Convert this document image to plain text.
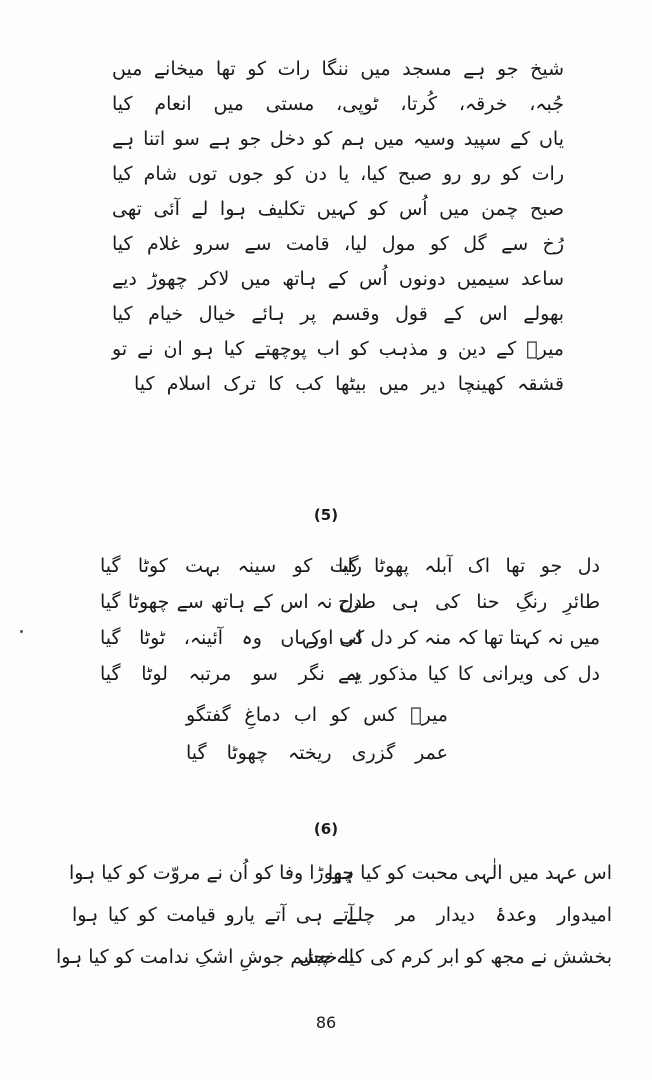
شیخ جو ہے مسجد میں ننگا رات کو تھا میخانے میں
جُبہ، خرقہ، کُرتا، ٹوپی، مستی میں انعام کیا
یاں کے سپید وسیہ میں ہم کو دخل جو ہے سو اتنا ہے
رات کو رو رو صبح کیا، یا دن کو جوں توں شام کیا
صبح چمن میں اُس کو کہیں تکلیف ہوا لے آئی تھی
رُخ سے گل کو مول لیا، قامت سے سرو غلام کیا
ساعد سیمیں دونوں اُس کے ہاتھ میں لاکر چھوڑ دیے
بھولے اس کے قول وقسم پر ہائے خیال خیام کیا
میرؔ کے دین و مذہب کو اب پوچھتے کیا ہو ان نے تو
قشقہ کھینچا دیر میں بیٹھا کب کا ترک اسلام کیا
(5)
دل جو تھا اک آبلہ پھوٹا گیا
رات کو سینہ بہت کوٹا گیا
طائرِ رنگِ حنا کی ہی طرح
دل نہ اس کے ہاتھ سے چھوٹا گیا
میں نہ کہتا تھا کہ منہ کر دل کی اور
اب کہاں وہ آئینہ، ٹوٹا گیا
دل کی ویرانی کا کیا مذکور ہے
یہ نگر سو مرتبہ لوٹا گیا
میرؔ کس کو اب دماغِ گفتگو
عمر گزری ریختہ چھوٹا گیا
(6)
اس عہد میں الٰہی محبت کو کیا ہوا
چھوڑا وفا کو اُن نے مروّت کو کیا ہوا
امیدوار وعدۂ دیدار مر چلے
آتے ہی آتے یارو قیامت کو کیا ہوا
بخشش نے مجھ کو ابر کرم کی کیا خجل
اے چشم جوشِ اشکِ ندامت کو کیا ہوا
86
